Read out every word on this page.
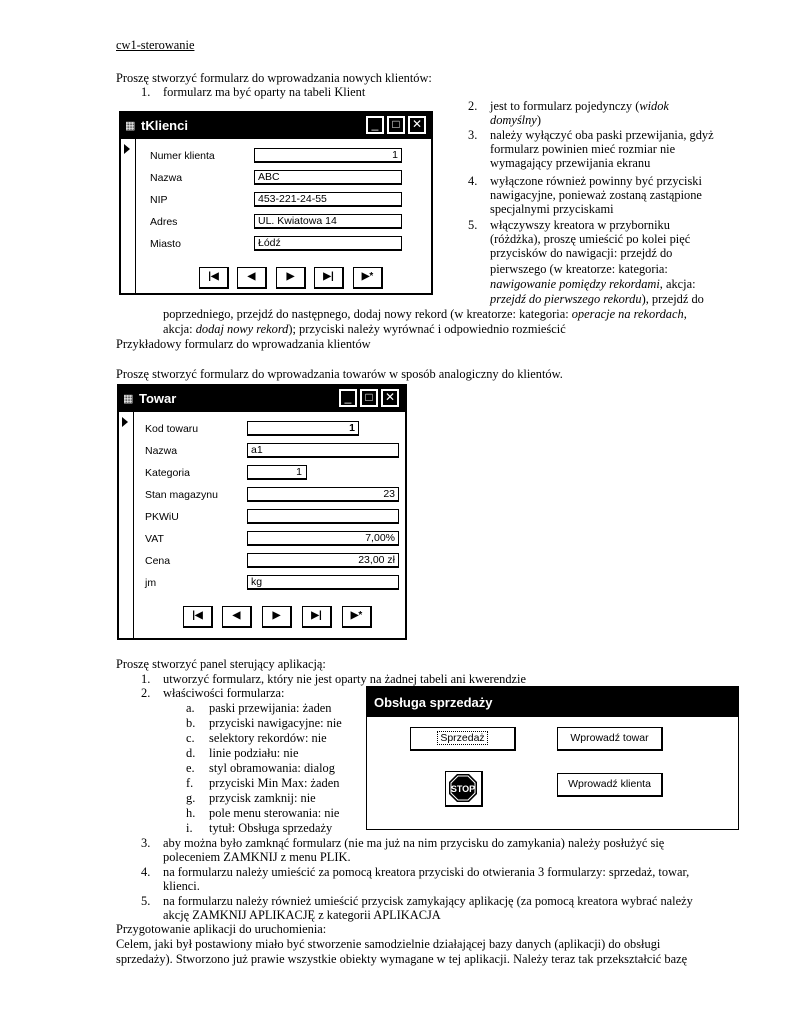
cw1-sterowanie
Proszę stworzyć formularz do wprowadzania nowych klientów:
1. formularz ma być oparty na tabeli Klient
2. jest to formularz pojedynczy (widok
domyślny)
3. należy wyłączyć oba paski przewijania, gdyż
formularz powinien mieć rozmiar nie
wymagający przewijania ekranu
4. wyłączone również powinny być przyciski
nawigacyjne, ponieważ zostaną zastąpione
specjalnymi przyciskami
5. włączywszy kreatora w przyborniku
(różdżka), proszę umieścić po kolei pięć
przycisków do nawigacji: przejdź do
pierwszego (w kreatorze: kategoria:
nawigowanie pomiędzy rekordami, akcja:
przejdź do pierwszego rekordu), przejdź do
poprzedniego, przejdź do następnego, dodaj nowy rekord (w kreatorze: kategoria: operacje na rekordach,
akcja: dodaj nowy rekord); przyciski należy wyrównać i odpowiednio rozmieścić
Przykładowy formularz do wprowadzania klientów
▦ tKlienci	_	□	✕
Numer klienta	1
Nazwa	ABC
NIP	453-221-24-55
Adres	UL. Kwiatowa 14
Miasto	Łódź
|◀	◀	▶	▶|	▶*
Proszę stworzyć formularz do wprowadzania towarów w sposób analogiczny do klientów.
▦ Towar	_	□	✕
Kod towaru	1
Nazwa	a1
Kategoria	1
Stan magazynu	23
PKWiU
VAT	7,00%
Cena	23,00 zł
jm	kg
|◀	◀	▶	▶|	▶*
Proszę stworzyć panel sterujący aplikacją:
1. utworzyć formularz, który nie jest oparty na żadnej tabeli ani kwerendzie
2. właściwości formularza:
a. paski przewijania: żaden
b. przyciski nawigacyjne: nie
c. selektory rekordów: nie
d. linie podziału: nie
e. styl obramowania: dialog
f. przyciski Min Max: żaden
g. przycisk zamknij: nie
h. pole menu sterowania: nie
i. tytuł: Obsługa sprzedaży
Obsługa sprzedaży
Sprzedaż	Wprowadź towar
Wprowadź klienta
STOP
3. aby można było zamknąć formularz (nie ma już na nim przycisku do zamykania) należy posłużyć się
poleceniem ZAMKNIJ z menu PLIK.
4. na formularzu należy umieścić za pomocą kreatora przyciski do otwierania 3 formularzy: sprzedaż, towar,
klienci.
5. na formularzu należy również umieścić przycisk zamykający aplikację (za pomocą kreatora wybrać należy
akcję ZAMKNIJ APLIKACJĘ z kategorii APLIKACJA
Przygotowanie aplikacji do uruchomienia:
Celem, jaki był postawiony miało być stworzenie samodzielnie działającej bazy danych (aplikacji) do obsługi
sprzedaży). Stworzono już prawie wszystkie obiekty wymagane w tej aplikacji. Należy teraz tak przekształcić bazę
